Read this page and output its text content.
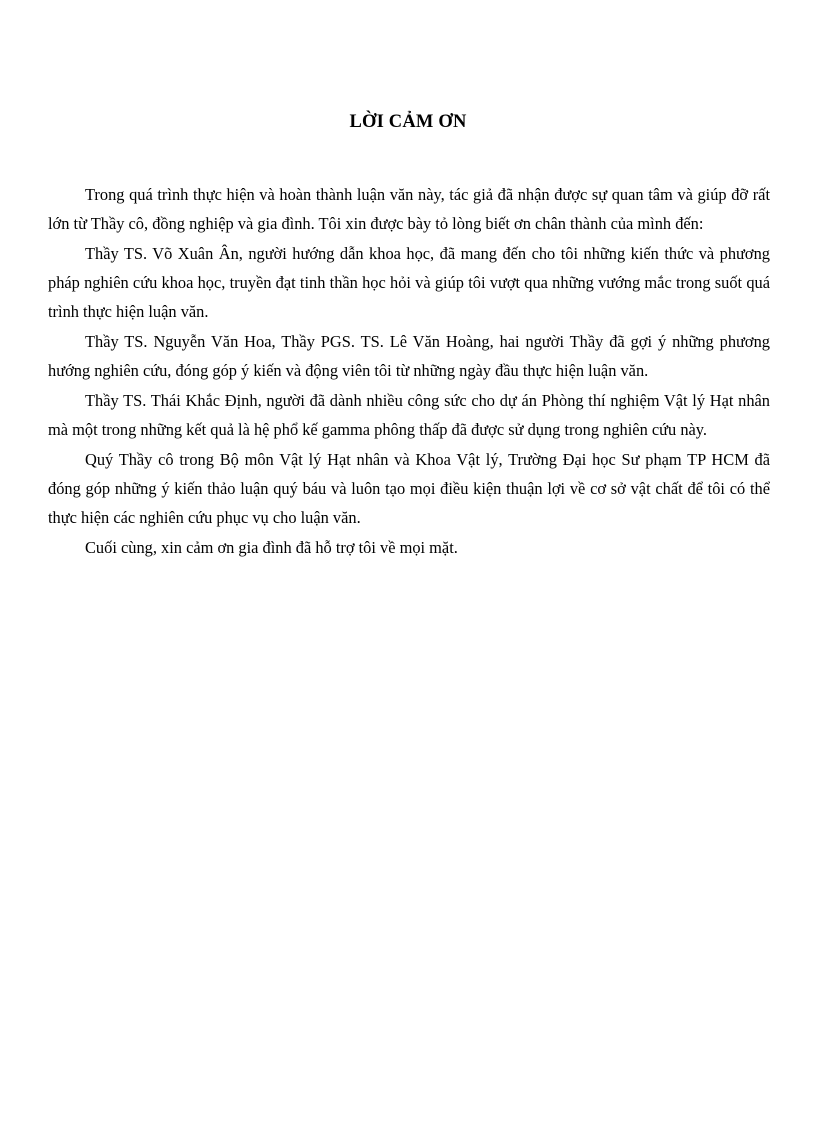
LỜI CẢM ƠN

Trong quá trình thực hiện và hoàn thành luận văn này, tác giả đã nhận được sự quan tâm và giúp đỡ rất lớn từ Thầy cô, đồng nghiệp và gia đình. Tôi xin được bày tỏ lòng biết ơn chân thành của mình đến:

Thầy TS. Võ Xuân Ân, người hướng dẫn khoa học, đã mang đến cho tôi những kiến thức và phương pháp nghiên cứu khoa học, truyền đạt tinh thần học hỏi và giúp tôi vượt qua những vướng mắc trong suốt quá trình thực hiện luận văn.

Thầy TS. Nguyễn Văn Hoa, Thầy PGS. TS. Lê Văn Hoàng, hai người Thầy đã gợi ý những phương hướng nghiên cứu, đóng góp ý kiến và động viên tôi từ những ngày đầu thực hiện luận văn.

Thầy TS. Thái Khắc Định, người đã dành nhiều công sức cho dự án Phòng thí nghiệm Vật lý Hạt nhân mà một trong những kết quả là hệ phổ kế gamma phông thấp đã được sử dụng trong nghiên cứu này.

Quý Thầy cô trong Bộ môn Vật lý Hạt nhân và Khoa Vật lý, Trường Đại học Sư phạm TP HCM đã đóng góp những ý kiến thảo luận quý báu và luôn tạo mọi điều kiện thuận lợi về cơ sở vật chất để tôi có thể thực hiện các nghiên cứu phục vụ cho luận văn.

Cuối cùng, xin cảm ơn gia đình đã hỗ trợ tôi về mọi mặt.
